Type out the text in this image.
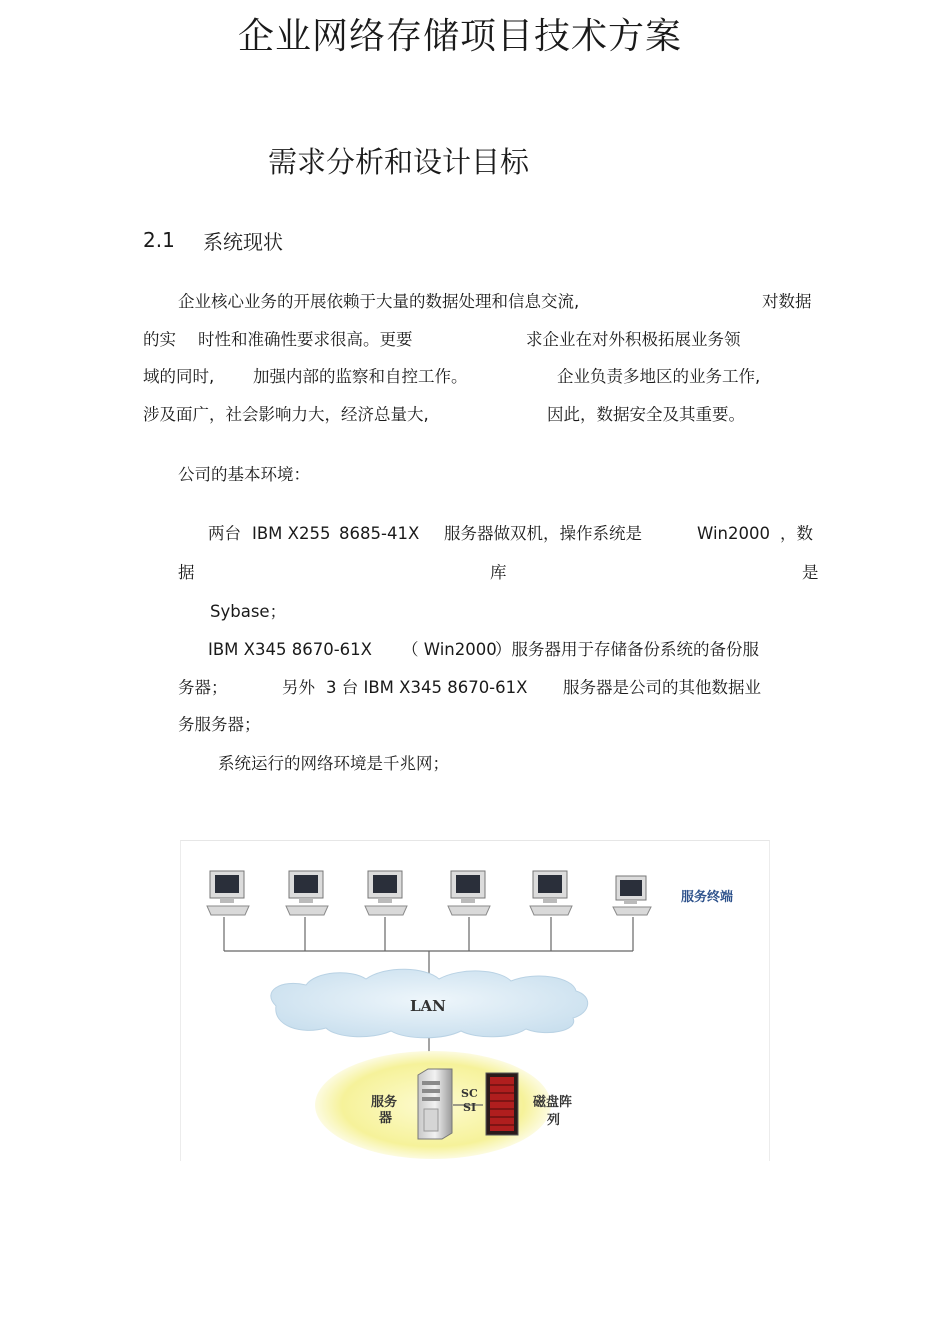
企业网络存储项目技术方案
需求分析和设计目标
2.1 系统现状
企业核心业务的开展依赖于大量的数据处理和信息交流,	对数据
的实 时性和准确性要求很高。更要	求企业在对外积极拓展业务领
域的同时, 加强内部的监察和自控工作。	企业负责多地区的业务工作,
涉及面广，社会影响力大，经济总量大,	因此，数据安全及其重要。
公司的基本环境：
两台 IBM X255 8685-41X 服务器做双机，操作系统是	Win2000 ，数
据	库	是
Sybase；
IBM X345 8670-61X （ Win2000
）服务器用于存储备份系统的备份服
务器；	另外 3 台 IBM X345 8670-61X 服务器是公司的其他数据业
务服务器；
系统运行的网络环境是千兆网；
服务终端
LAN
服务
器
SC
SI	磁盘阵
列
